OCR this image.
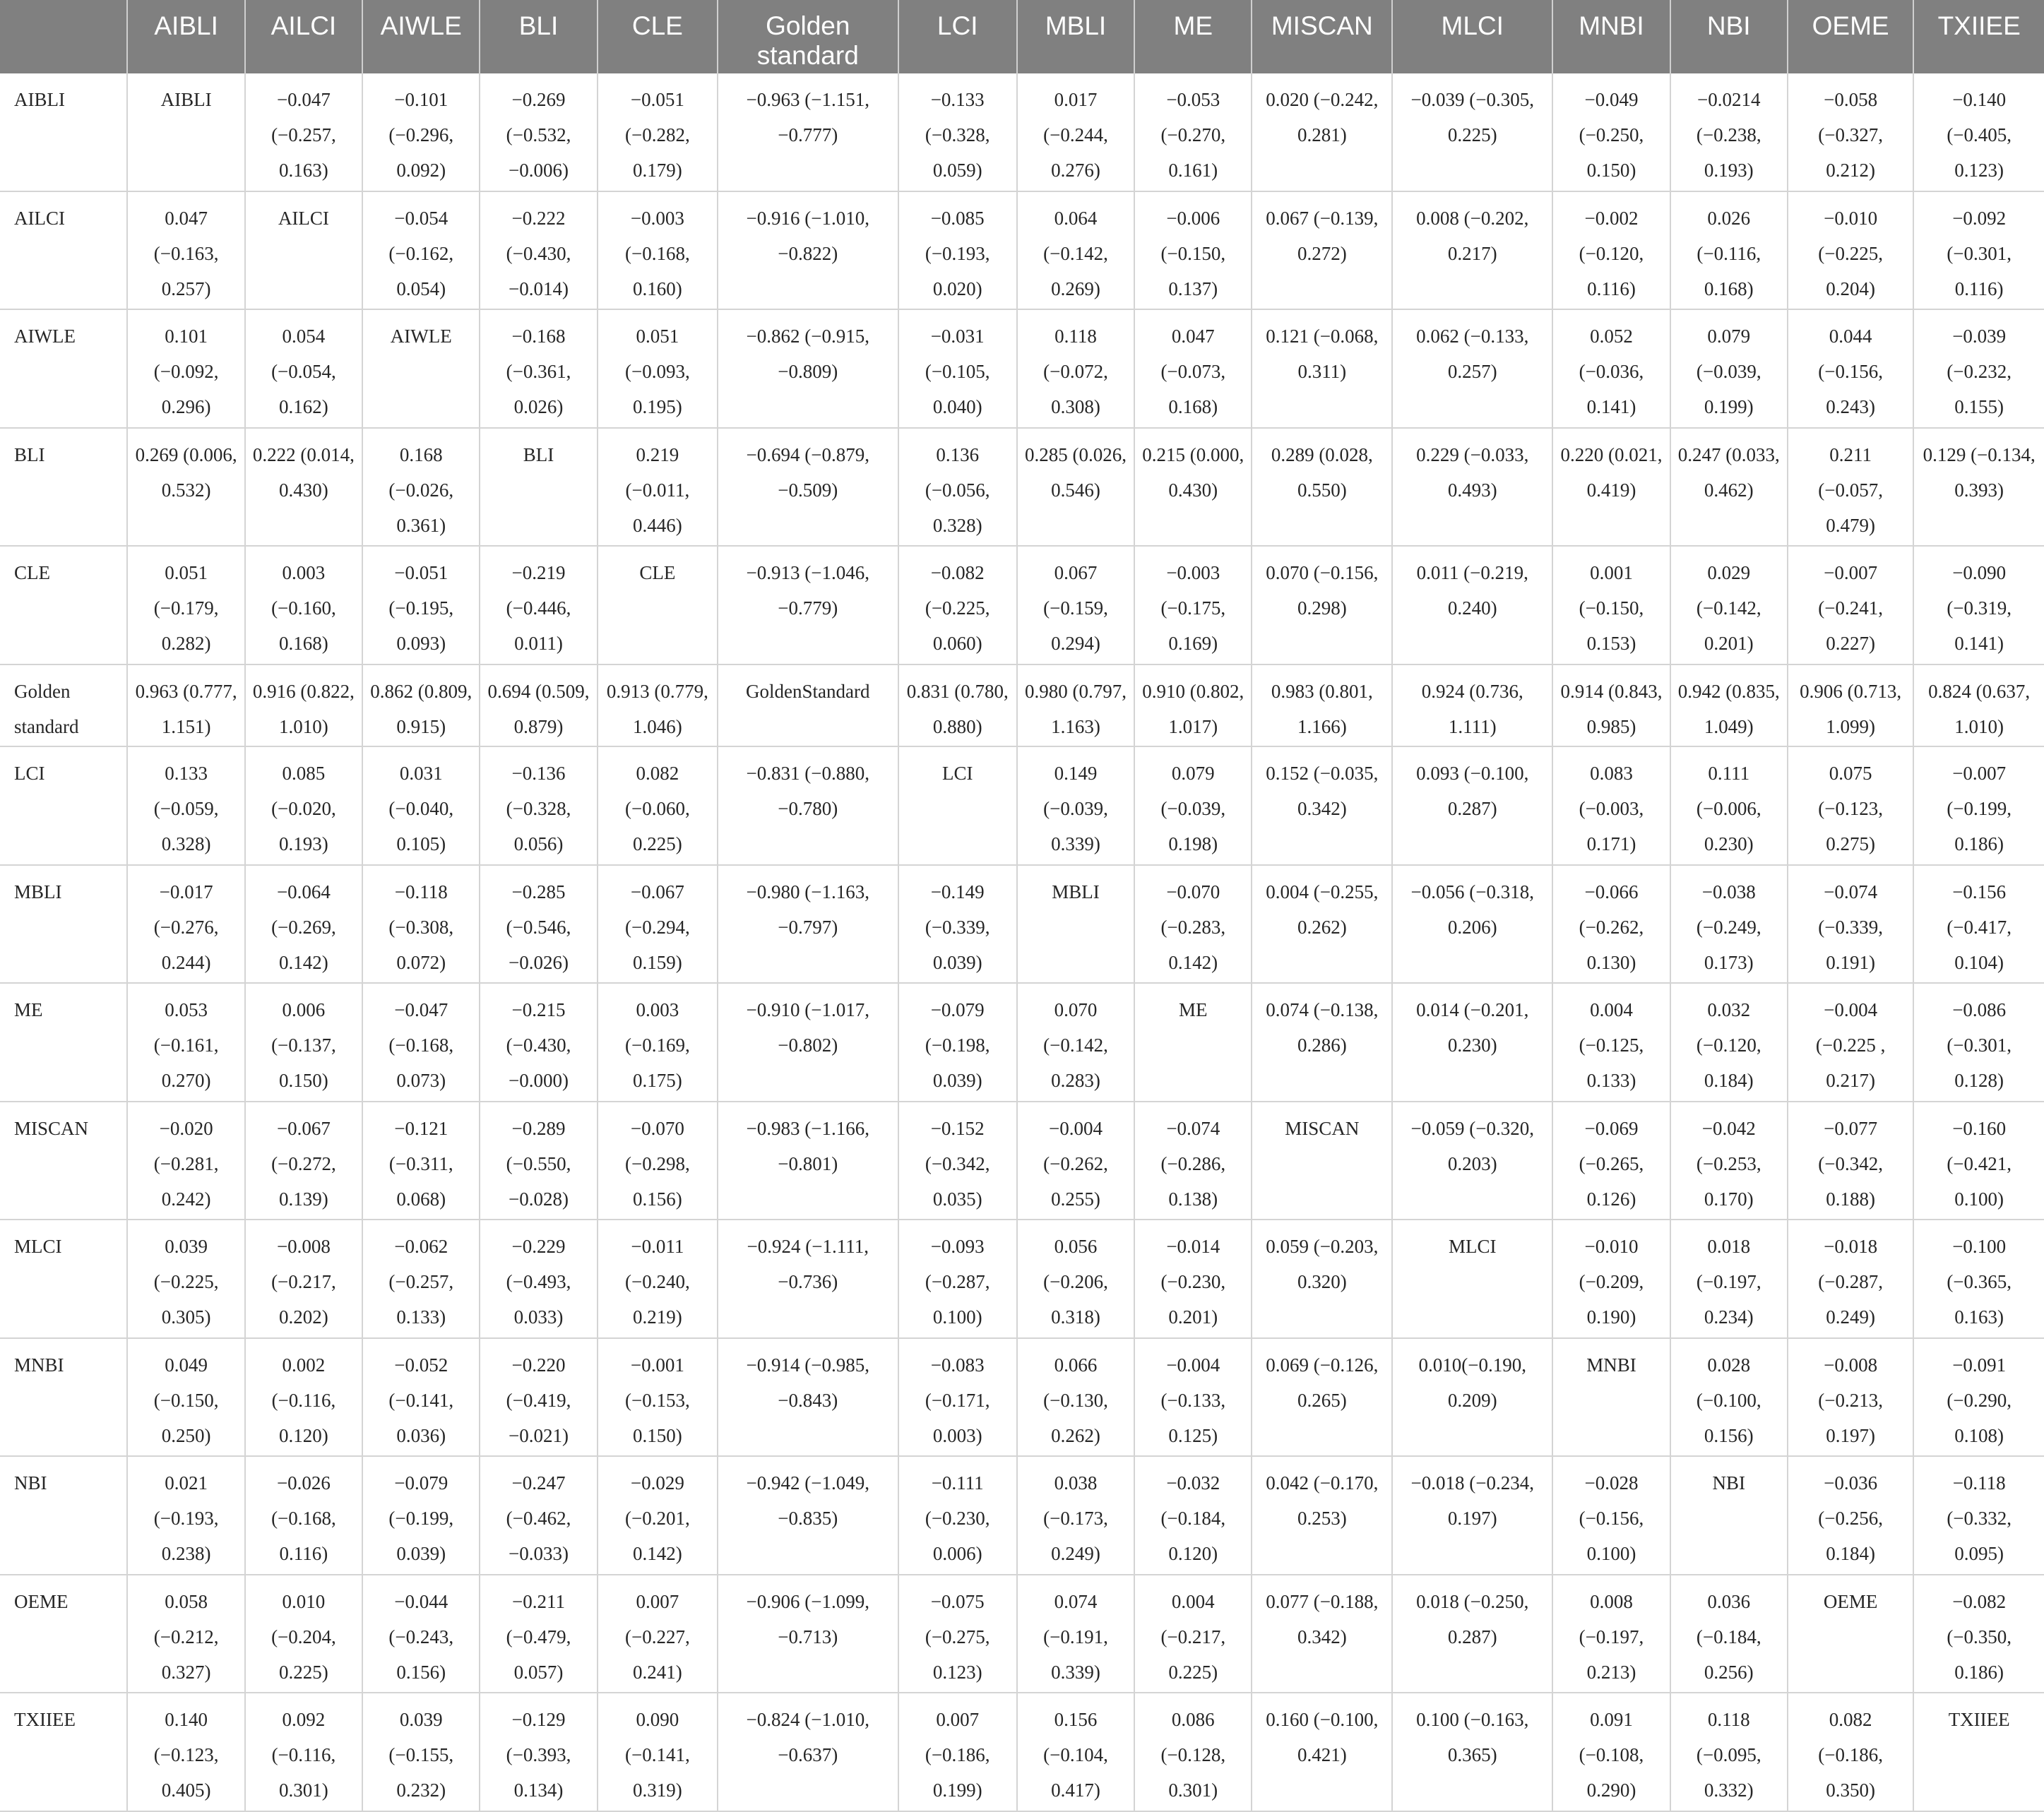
	AIBLI	AILCI	AIWLE	BLI	CLE	Golden standard	LCI	MBLI	ME	MISCAN	MLCI	MNBI	NBI	OEME	TXIIEE
AIBLI	AIBLI	−0.047 (−0.257, 0.163)	−0.101 (−0.296, 0.092)	−0.269 (−0.532, −0.006)	−0.051 (−0.282, 0.179)	−0.963 (−1.151, −0.777)	−0.133 (−0.328, 0.059)	0.017 (−0.244, 0.276)	−0.053 (−0.270, 0.161)	0.020 (−0.242, 0.281)	−0.039 (−0.305, 0.225)	−0.049 (−0.250, 0.150)	−0.0214 (−0.238, 0.193)	−0.058 (−0.327, 0.212)	−0.140 (−0.405, 0.123)
AILCI	0.047 (−0.163, 0.257)	AILCI	−0.054 (−0.162, 0.054)	−0.222 (−0.430, −0.014)	−0.003 (−0.168, 0.160)	−0.916 (−1.010, −0.822)	−0.085 (−0.193, 0.020)	0.064 (−0.142, 0.269)	−0.006 (−0.150, 0.137)	0.067 (−0.139, 0.272)	0.008 (−0.202, 0.217)	−0.002 (−0.120, 0.116)	0.026 (−0.116, 0.168)	−0.010 (−0.225, 0.204)	−0.092 (−0.301, 0.116)
AIWLE	0.101 (−0.092, 0.296)	0.054 (−0.054, 0.162)	AIWLE	−0.168 (−0.361, 0.026)	0.051 (−0.093, 0.195)	−0.862 (−0.915, −0.809)	−0.031 (−0.105, 0.040)	0.118 (−0.072, 0.308)	0.047 (−0.073, 0.168)	0.121 (−0.068, 0.311)	0.062 (−0.133, 0.257)	0.052 (−0.036, 0.141)	0.079 (−0.039, 0.199)	0.044 (−0.156, 0.243)	−0.039 (−0.232, 0.155)
BLI	0.269 (0.006, 0.532)	0.222 (0.014, 0.430)	0.168 (−0.026, 0.361)	BLI	0.219 (−0.011, 0.446)	−0.694 (−0.879, −0.509)	0.136 (−0.056, 0.328)	0.285 (0.026, 0.546)	0.215 (0.000, 0.430)	0.289 (0.028, 0.550)	0.229 (−0.033, 0.493)	0.220 (0.021, 0.419)	0.247 (0.033, 0.462)	0.211 (−0.057, 0.479)	0.129 (−0.134, 0.393)
CLE	0.051 (−0.179, 0.282)	0.003 (−0.160, 0.168)	−0.051 (−0.195, 0.093)	−0.219 (−0.446, 0.011)	CLE	−0.913 (−1.046, −0.779)	−0.082 (−0.225, 0.060)	0.067 (−0.159, 0.294)	−0.003 (−0.175, 0.169)	0.070 (−0.156, 0.298)	0.011 (−0.219, 0.240)	0.001 (−0.150, 0.153)	0.029 (−0.142, 0.201)	−0.007 (−0.241, 0.227)	−0.090 (−0.319, 0.141)
Golden standard	0.963 (0.777, 1.151)	0.916 (0.822, 1.010)	0.862 (0.809, 0.915)	0.694 (0.509, 0.879)	0.913 (0.779, 1.046)	GoldenStandard	0.831 (0.780, 0.880)	0.980 (0.797, 1.163)	0.910 (0.802, 1.017)	0.983 (0.801, 1.166)	0.924 (0.736, 1.111)	0.914 (0.843, 0.985)	0.942 (0.835, 1.049)	0.906 (0.713, 1.099)	0.824 (0.637, 1.010)
LCI	0.133 (−0.059, 0.328)	0.085 (−0.020, 0.193)	0.031 (−0.040, 0.105)	−0.136 (−0.328, 0.056)	0.082 (−0.060, 0.225)	−0.831 (−0.880, −0.780)	LCI	0.149 (−0.039, 0.339)	0.079 (−0.039, 0.198)	0.152 (−0.035, 0.342)	0.093 (−0.100, 0.287)	0.083 (−0.003, 0.171)	0.111 (−0.006, 0.230)	0.075 (−0.123, 0.275)	−0.007 (−0.199, 0.186)
MBLI	−0.017 (−0.276, 0.244)	−0.064 (−0.269, 0.142)	−0.118 (−0.308, 0.072)	−0.285 (−0.546, −0.026)	−0.067 (−0.294, 0.159)	−0.980 (−1.163, −0.797)	−0.149 (−0.339, 0.039)	MBLI	−0.070 (−0.283, 0.142)	0.004 (−0.255, 0.262)	−0.056 (−0.318, 0.206)	−0.066 (−0.262, 0.130)	−0.038 (−0.249, 0.173)	−0.074 (−0.339, 0.191)	−0.156 (−0.417, 0.104)
ME	0.053 (−0.161, 0.270)	0.006 (−0.137, 0.150)	−0.047 (−0.168, 0.073)	−0.215 (−0.430, −0.000)	0.003 (−0.169, 0.175)	−0.910 (−1.017, −0.802)	−0.079 (−0.198, 0.039)	0.070 (−0.142, 0.283)	ME	0.074 (−0.138, 0.286)	0.014 (−0.201, 0.230)	0.004 (−0.125, 0.133)	0.032 (−0.120, 0.184)	−0.004 (−0.225 , 0.217)	−0.086 (−0.301, 0.128)
MISCAN	−0.020 (−0.281, 0.242)	−0.067 (−0.272, 0.139)	−0.121 (−0.311, 0.068)	−0.289 (−0.550, −0.028)	−0.070 (−0.298, 0.156)	−0.983 (−1.166, −0.801)	−0.152 (−0.342, 0.035)	−0.004 (−0.262, 0.255)	−0.074 (−0.286, 0.138)	MISCAN	−0.059 (−0.320, 0.203)	−0.069 (−0.265, 0.126)	−0.042 (−0.253, 0.170)	−0.077 (−0.342, 0.188)	−0.160 (−0.421, 0.100)
MLCI	0.039 (−0.225, 0.305)	−0.008 (−0.217, 0.202)	−0.062 (−0.257, 0.133)	−0.229 (−0.493, 0.033)	−0.011 (−0.240, 0.219)	−0.924 (−1.111, −0.736)	−0.093 (−0.287, 0.100)	0.056 (−0.206, 0.318)	−0.014 (−0.230, 0.201)	0.059 (−0.203, 0.320)	MLCI	−0.010 (−0.209, 0.190)	0.018 (−0.197, 0.234)	−0.018 (−0.287, 0.249)	−0.100 (−0.365, 0.163)
MNBI	0.049 (−0.150, 0.250)	0.002 (−0.116, 0.120)	−0.052 (−0.141, 0.036)	−0.220 (−0.419, −0.021)	−0.001 (−0.153, 0.150)	−0.914 (−0.985, −0.843)	−0.083 (−0.171, 0.003)	0.066 (−0.130, 0.262)	−0.004 (−0.133, 0.125)	0.069 (−0.126, 0.265)	0.010(−0.190, 0.209)	MNBI	0.028 (−0.100, 0.156)	−0.008 (−0.213, 0.197)	−0.091 (−0.290, 0.108)
NBI	0.021 (−0.193, 0.238)	−0.026 (−0.168, 0.116)	−0.079 (−0.199, 0.039)	−0.247 (−0.462, −0.033)	−0.029 (−0.201, 0.142)	−0.942 (−1.049, −0.835)	−0.111 (−0.230, 0.006)	0.038 (−0.173, 0.249)	−0.032 (−0.184, 0.120)	0.042 (−0.170, 0.253)	−0.018 (−0.234, 0.197)	−0.028 (−0.156, 0.100)	NBI	−0.036 (−0.256, 0.184)	−0.118 (−0.332, 0.095)
OEME	0.058 (−0.212, 0.327)	0.010 (−0.204, 0.225)	−0.044 (−0.243, 0.156)	−0.211 (−0.479, 0.057)	0.007 (−0.227, 0.241)	−0.906 (−1.099, −0.713)	−0.075 (−0.275, 0.123)	0.074 (−0.191, 0.339)	0.004 (−0.217, 0.225)	0.077 (−0.188, 0.342)	0.018 (−0.250, 0.287)	0.008 (−0.197, 0.213)	0.036 (−0.184, 0.256)	OEME	−0.082 (−0.350, 0.186)
TXIIEE	0.140 (−0.123, 0.405)	0.092 (−0.116, 0.301)	0.039 (−0.155, 0.232)	−0.129 (−0.393, 0.134)	0.090 (−0.141, 0.319)	−0.824 (−1.010, −0.637)	0.007 (−0.186, 0.199)	0.156 (−0.104, 0.417)	0.086 (−0.128, 0.301)	0.160 (−0.100, 0.421)	0.100 (−0.163, 0.365)	0.091 (−0.108, 0.290)	0.118 (−0.095, 0.332)	0.082 (−0.186, 0.350)	TXIIEE
